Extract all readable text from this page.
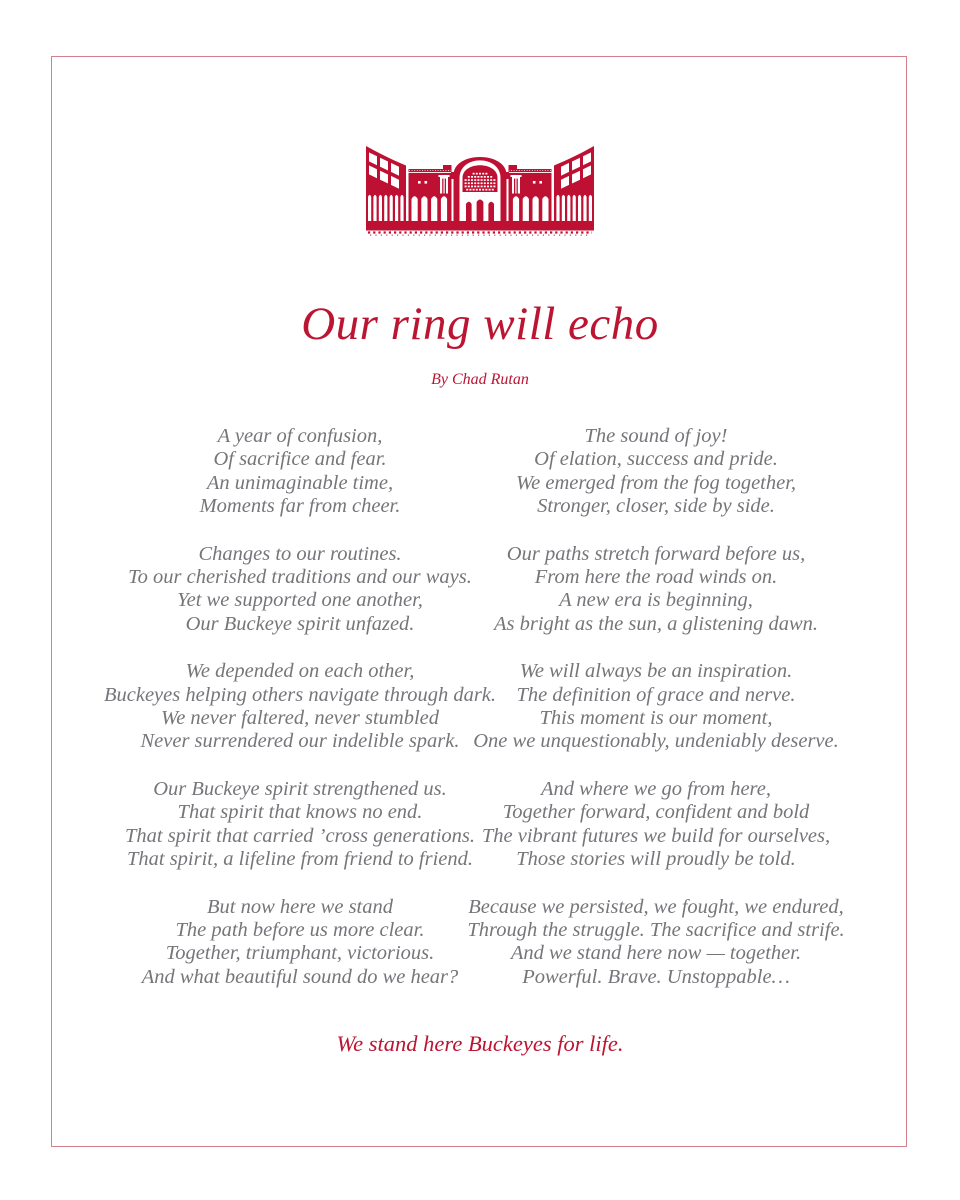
Our ring will echo
By Chad Rutan
A year of confusion,
Of sacrifice and fear.
An unimaginable time,
Moments far from cheer.
Changes to our routines.
To our cherished traditions and our ways.
Yet we supported one another,
Our Buckeye spirit unfazed.
We depended on each other,
Buckeyes helping others navigate through dark.
We never faltered, never stumbled
Never surrendered our indelible spark.
Our Buckeye spirit strengthened us.
That spirit that knows no end.
That spirit that carried ’cross generations.
That spirit, a lifeline from friend to friend.
But now here we stand
The path before us more clear.
Together, triumphant, victorious.
And what beautiful sound do we hear?
The sound of joy!
Of elation, success and pride.
We emerged from the fog together,
Stronger, closer, side by side.
Our paths stretch forward before us,
From here the road winds on.
A new era is beginning,
As bright as the sun, a glistening dawn.
We will always be an inspiration.
The definition of grace and nerve.
This moment is our moment,
One we unquestionably, undeniably deserve.
And where we go from here,
Together forward, confident and bold
The vibrant futures we build for ourselves,
Those stories will proudly be told.
Because we persisted, we fought, we endured,
Through the struggle. The sacrifice and strife.
And we stand here now — together.
Powerful. Brave. Unstoppable…
We stand here Buckeyes for life.
